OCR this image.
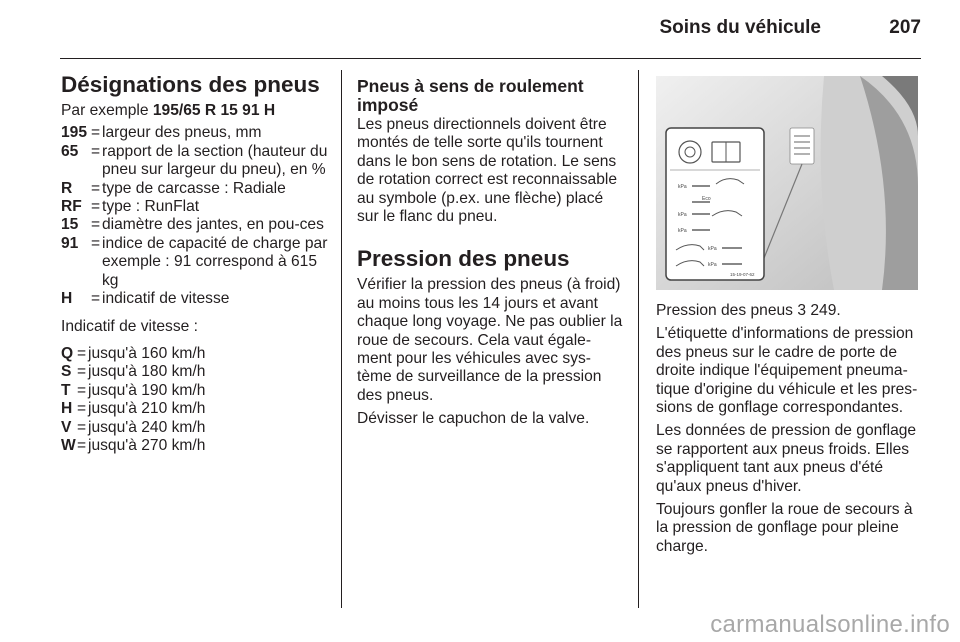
Soins du véhicule	207
Désignations des pneus

Par exemple 195/65 R 15 91 H

195 = largeur des pneus, mm
65 = rapport de la section (hauteur du pneu sur largeur du pneu), en %
R	= type de carcasse : Radiale
RF = type : RunFlat
15 = diamètre des jantes, en pou-ces
91 = indice de capacité de charge par exemple : 91 correspond à 615 kg
H	= indicatif de vitesse

Indicatif de vitesse :

Q = jusqu'à 160 km/h
S = jusqu'à 180 km/h
T = jusqu'à 190 km/h
H = jusqu'à 210 km/h
V = jusqu'à 240 km/h
W = jusqu'à 270 km/h
Pneus à sens de roulement imposé

Les pneus directionnels doivent être montés de telle sorte qu'ils tournent dans le bon sens de rotation. Le sens de rotation correct est reconnaissable au symbole (p.ex. une flèche) placé sur le flanc du pneu.

Pression des pneus

Vérifier la pression des pneus (à froid) au moins tous les 14 jours et avant chaque long voyage. Ne pas oublier la roue de secours. Cela vaut égale-ment pour les véhicules avec sys-tème de surveillance de la pression des pneus.

Dévisser le capuchon de la valve.

kPa
Eco
kPa
kPa
kPa
kPa
15-19-07-62

Pression des pneus 3 249.

L'étiquette d'informations de pression des pneus sur le cadre de porte de droite indique l'équipement pneuma-tique d'origine du véhicule et les pres-sions de gonflage correspondantes.

Les données de pression de gonflage se rapportent aux pneus froids. Elles s'appliquent tant aux pneus d'été qu'aux pneus d'hiver.

Toujours gonfler la roue de secours à la pression de gonflage pour pleine charge.

carmanualsonline.info
